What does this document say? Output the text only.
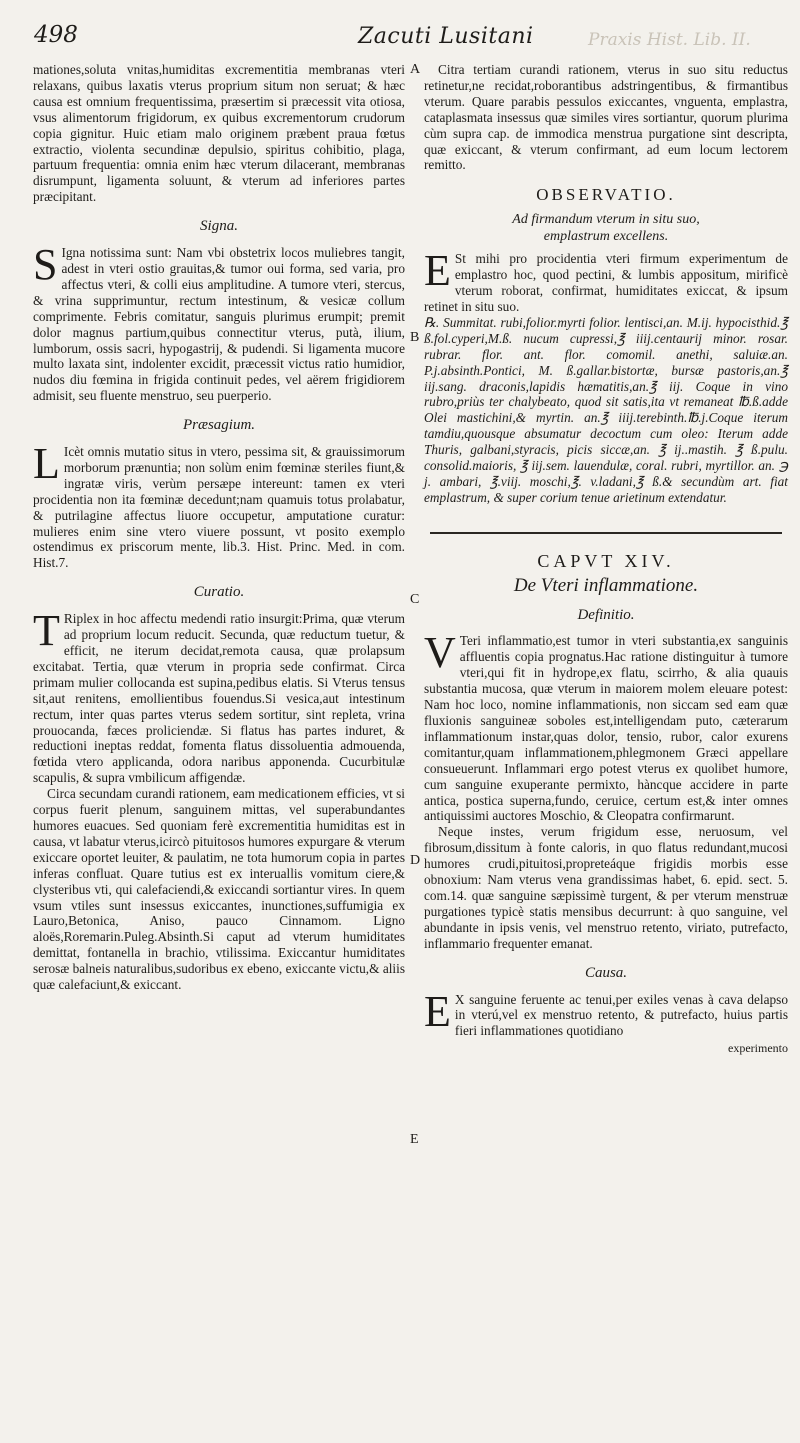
498	Zacuti Lusitani	Praxis Hist. Lib. II.
A
B
C
D
E

mationes,soluta vnitas,humiditas excrementitia membranas vteri relaxans, quibus laxatis vterus proprium situm non seruat; & hæc causa est omnium frequentissima, præsertim si præcessit vita otiosa, vsus alimentorum frigidorum, ex quibus excrementorum crudorum copia gignitur. Huic etiam malo originem præbent praua fœtus extractio, violenta secundinæ depulsio, spiritus cohibitio, plaga, partuum frequentia: omnia enim hæc vterum dilacerant, membranas disrumpunt, ligamenta soluunt, & vterum ad inferiores partes præcipitant.

Signa.

S Igna notissima sunt: Nam vbi obstetrix locos muliebres tangit, adest in vteri ostio grauitas,& tumor oui forma, sed varia, pro affectus vteri, & colli eius amplitudine. A tumore vteri, stercus, & vrina supprimuntur, rectum intestinum, & vesicæ collum comprimente. Febris comitatur, sanguis plurimus erumpit; premit dolor magnus partium,quibus connectitur vterus, putà, ilium, lumborum, ossis sacri, hypogastrij, & pudendi. Si ligamenta mucore multo laxata sint, indolenter excidit, præcessit victus ratio humidior, nudos diu fœmina in frigida continuit pedes, vel aërem frigidiorem admisit, seu fluente menstruo, seu puerperio.

Præsagium.

L Icèt omnis mutatio situs in vtero, pessima sit, & grauissimorum morborum prænuntia; non solùm enim fœminæ steriles fiunt,& ingratæ viris, verùm persæpe intereunt: tamen ex vteri procidentia non ita fœminæ decedunt;nam quamuis totus prolabatur, & putrilagine affectus liuore occupetur, amputatione curatur: mulieres enim sine vtero viuere possunt, vt posito exemplo ostendimus ex priscorum mente, lib.3. Hist. Princ. Med. in com. Hist.7.

Curatio.

T Riplex in hoc affectu medendi ratio insurgit:Prima, quæ vterum ad proprium locum reducit. Secunda, quæ reductum tuetur, & efficit, ne iterum decidat,remota causa, quæ prolapsum excitabat. Tertia, quæ vterum in propria sede confirmat. Circa primam mulier collocanda est supina,pedibus elatis. Si Vterus tensus sit,aut renitens, emollientibus fouendus.Si vesica,aut intestinum rectum, inter quas partes vterus sedem sortitur, sint repleta, vrina prouocanda, fæces proliciendæ. Si flatus has partes induret, & reductioni ineptas reddat, fomenta flatus dissoluentia admouenda, fœtida vtero applicanda, odora naribus apponenda. Cucurbitulæ scapulis, & supra vmbilicum affigendæ.

Circa secundam curandi rationem, eam medicationem efficies, vt si corpus fuerit plenum, sanguinem mittas, vel superabundantes humores euacues. Sed quoniam ferè excrementitia humiditas est in causa, vt labatur vterus,icircò pituitosos humores expurgare & vterum exiccare oportet leuiter, & paulatim, ne tota humorum copia in partes inferas confluat. Quare tutius est ex interuallis vomitum ciere,& clysteribus vti, qui calefaciendi,& exiccandi sortiantur vires. In quem vsum vtiles sunt insessus exiccantes, inunctiones,suffumigia ex Lauro,Betonica, Aniso, pauco Cinnamom. Ligno aloës,Roremarin.Puleg.Absinth.Si caput ad vterum humiditates demittat, fontanella in brachio, vtilissima. Exiccantur humiditates serosæ balneis naturalibus,sudoribus ex ebeno, exiccante victu,& aliis quæ calefaciunt,& exiccant.

Citra tertiam curandi rationem, vterus in suo situ reductus retinetur,ne recidat,roborantibus adstringentibus, & firmantibus vterum. Quare parabis pessulos exiccantes, vnguenta, emplastra, cataplasmata insessus quæ similes vires sortiantur, quorum plurima cùm supra cap. de immodica menstrua purgatione sint descripta, quæ exiccant, & vterum confirmant, ad eum locum lectorem remitto.

OBSERVATIO.
Ad firmandum vterum in situ suo,
emplastrum excellens.

E St mihi pro procidentia vteri firmum experimentum de emplastro hoc, quod pectini, & lumbis appositum, mirificè vterum roborat, confirmat, humiditates exiccat, & ipsum retinet in situ suo.

℞. Summitat. rubi,folior.myrti folior. lentisci,an. M.ij. hypocisthid.℥ ß.fol.cyperi,M.ß. nucum cupressi,℥ iiij.centaurij minor. rosar. rubrar. flor. ant. flor. comomil. anethi, saluiæ.an. P.j.absinth.Pontici, M. ß.gallar.bistortæ, bursæ pastoris,an.℥ iij.sang. draconis,lapidis hæmatitis,an.℥ iij. Coque in vino rubro,priùs ter chalybeato, quod sit satis,ita vt remaneat ℔.ß.adde Olei mastichini,& myrtin. an.℥ iiij.terebinth.℔.j.Coque iterum tamdiu,quousque absumatur decoctum cum oleo: Iterum adde Thuris, galbani,styracis, picis siccæ,an. ℥ ij..mastih. ℥ ß.pulu. consolid.maioris, ℥ iij.sem. lauendulæ, coral. rubri, myrtillor. an. ℈ j. ambari, ℥.viij. moschi,℥. v.ladani,℥ ß.& secundùm art. fiat emplastrum, & super corium tenue arietinum extendatur.

CAPVT XIV.
De Vteri inflammatione.
Definitio.

V Teri inflammatio,est tumor in vteri substantia,ex sanguinis affluentis copia prognatus.Hac ratione distinguitur à tumore vteri,qui fit in hydrope,ex flatu, scirrho, & alia quauis substantia mucosa, quæ vterum in maiorem molem eleuare potest: Nam hoc loco, nomine inflammationis, non siccam sed eam quæ fluxionis sanguineæ soboles est,intelligendam puto, cæterarum inflammationum instar,quas dolor, tensio, rubor, calor exurens comitantur,quam inflammationem,phlegmonem Græci appellare consueuerunt. Inflammari ergo potest vterus ex quolibet humore, cum sanguine exuperante permixto, hàncque accidere in parte antica, postica superna,fundo, ceruice, certum est,& inter omnes antiquissimi auctores Moschio, & Cleopatra confirmarunt.

Neque instes, verum frigidum esse, neruosum, vel fibrosum,dissitum à fonte caloris, in quo flatus redundant,mucosi humores crudi,pituitosi,propreteáque frigidis morbis esse obnoxium: Nam vterus vena grandissimas habet, 6. epid. sect. 5. com.14. quæ sanguine sæpissimè turgent, & per vterum menstruæ purgationes typicè statis mensibus decurrunt: à quo sanguine, vel abundante in ipsis venis, vel menstruo retento, viriato, putrefacto, inflammario frequenter emanat.

Causa.

E X sanguine feruente ac tenui,per exiles venas à cava delapso in vterú,vel ex menstruo retento, & putrefacto, huius partis fieri inflammationes quotidiano

experimento
